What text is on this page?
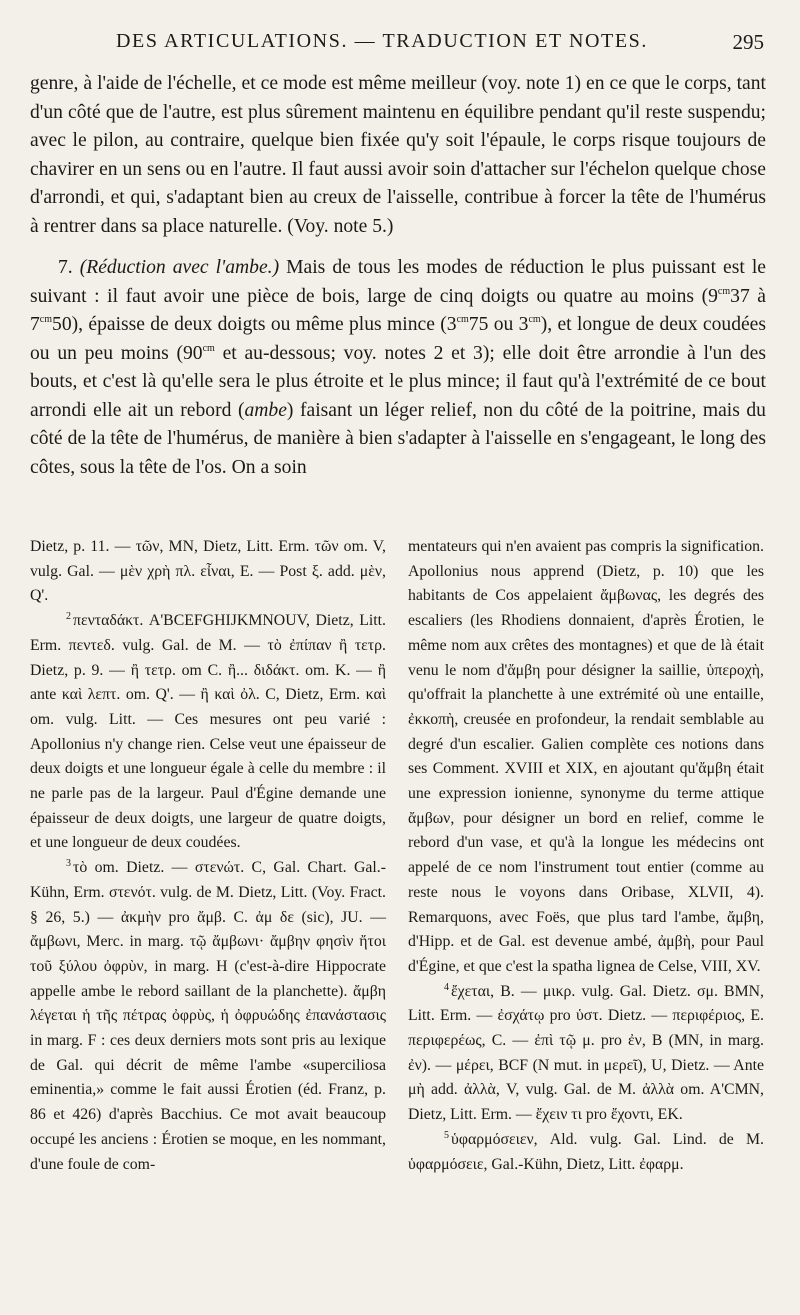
DES ARTICULATIONS. — TRADUCTION ET NOTES.	295

genre, à l'aide de l'échelle, et ce mode est même meilleur (voy. note 1) en ce que le corps, tant d'un côté que de l'autre, est plus sûrement maintenu en équilibre pendant qu'il reste suspendu; avec le pilon, au contraire, quelque bien fixée qu'y soit l'épaule, le corps risque toujours de chavirer en un sens ou en l'autre. Il faut aussi avoir soin d'attacher sur l'échelon quelque chose d'arrondi, et qui, s'adaptant bien au creux de l'aisselle, contribue à forcer la tête de l'humérus à rentrer dans sa place naturelle. (Voy. note 5.)

7. (Réduction avec l'ambe.) Mais de tous les modes de réduction le plus puissant est le suivant : il faut avoir une pièce de bois, large de cinq doigts ou quatre au moins ($9^{cm}37$ à $7^{cm}50$), épaisse de deux doigts ou même plus mince ($3^{cm}75$ ou $3^{cm}$), et longue de deux coudées ou un peu moins ($90^{cm}$ et au-dessous; voy. notes 2 et 3); elle doit être arrondie à l'un des bouts, et c'est là qu'elle sera le plus étroite et le plus mince; il faut qu'à l'extrémité de ce bout arrondi elle ait un rebord (ambe) faisant un léger relief, non du côté de la poitrine, mais du côté de la tête de l'humérus, de manière à bien s'adapter à l'aisselle en s'engageant, le long des côtes, sous la tête de l'os. On a soin

Dietz, p. 11. — τῶν, MN, Dietz, Litt. Erm. τῶν om. V, vulg. Gal. — μὲν χρὴ πλ. εἶναι, E. — Post ξ. add. μὲν, Q'.

$^2$ πενταδάκτ. A'BCEFGHIJKMNOUV, Dietz, Litt. Erm. πεντεδ. vulg. Gal. de M. — τὸ ἐπίπαν ἢ τετρ. Dietz, p. 9. — ἢ τετρ. om C. ἢ... διδάκτ. om. K. — ἢ ante καὶ λεπτ. om. Q'. — ἢ καὶ ὀλ. C, Dietz, Erm. καὶ om. vulg. Litt. — Ces mesures ont peu varié : Apollonius n'y change rien. Celse veut une épaisseur de deux doigts et une longueur égale à celle du membre : il ne parle pas de la largeur. Paul d'Égine demande une épaisseur de deux doigts, une largeur de quatre doigts, et une longueur de deux coudées.

$^3$ τὸ om. Dietz. — στενώτ. C, Gal. Chart. Gal.-Kühn, Erm. στενότ. vulg. de M. Dietz, Litt. (Voy. Fract. § 26, 5.) — ἀκμὴν pro ἄμβ. C. ἀμ δε (sic), JU. — ἄμβωνι, Merc. in marg. τῷ ἄμβωνι· ἄμβην φησὶν ἤτοι τοῦ ξύλου ὀφρὺν, in marg. H (c'est-à-dire Hippocrate appelle ambe le rebord saillant de la planchette). ἄμβη λέγεται ἡ τῆς πέτρας ὀφρὺς, ἡ ὀφρυώδης ἐπανάστασις in marg. F : ces deux derniers mots sont pris au lexique de Gal. qui décrit de même l'ambe «superciliosa eminentia,» comme le fait aussi Érotien (éd. Franz, p. 86 et 426) d'après Bacchius. Ce mot avait beaucoup occupé les anciens : Érotien se moque, en les nommant, d'une foule de com-

mentateurs qui n'en avaient pas compris la signification. Apollonius nous apprend (Dietz, p. 10) que les habitants de Cos appelaient ἄμβωνας, les degrés des escaliers (les Rhodiens donnaient, d'après Érotien, le même nom aux crêtes des montagnes) et que de là était venu le nom d'ἄμβη pour désigner la saillie, ὑπεροχὴ, qu'offrait la planchette à une extrémité où une entaille, ἐκκοπὴ, creusée en profondeur, la rendait semblable au degré d'un escalier. Galien complète ces notions dans ses Comment. XVIII et XIX, en ajoutant qu'ἄμβη était une expression ionienne, synonyme du terme attique ἄμβων, pour désigner un bord en relief, comme le rebord d'un vase, et qu'à la longue les médecins ont appelé de ce nom l'instrument tout entier (comme au reste nous le voyons dans Oribase, XLVII, 4). Remarquons, avec Foës, que plus tard l'ambe, ἄμβη, d'Hipp. et de Gal. est devenue ambé, ἀμβὴ, pour Paul d'Égine, et que c'est la spatha lignea de Celse, VIII, XV.

$^4$ ἔχεται, B. — μικρ. vulg. Gal. Dietz. σμ. BMN, Litt. Erm. — ἐσχάτῳ pro ὑστ. Dietz. — περιφέριος, E. περιφερέως, C. — ἐπὶ τῷ μ. pro ἐν, B (MN, in marg. ἐν). — μέρει, BCF (N mut. in μερεῖ), U, Dietz. — Ante μὴ add. ἀλλὰ, V, vulg. Gal. de M. ἀλλὰ om. A'CMN, Dietz, Litt. Erm. — ἔχειν τι pro ἔχοντι, EK.

$^5$ ὑφαρμόσειεν, Ald. vulg. Gal. Lind. de M. ὑφαρμόσειε, Gal.-Kühn, Dietz, Litt. ἐφαρμ.
